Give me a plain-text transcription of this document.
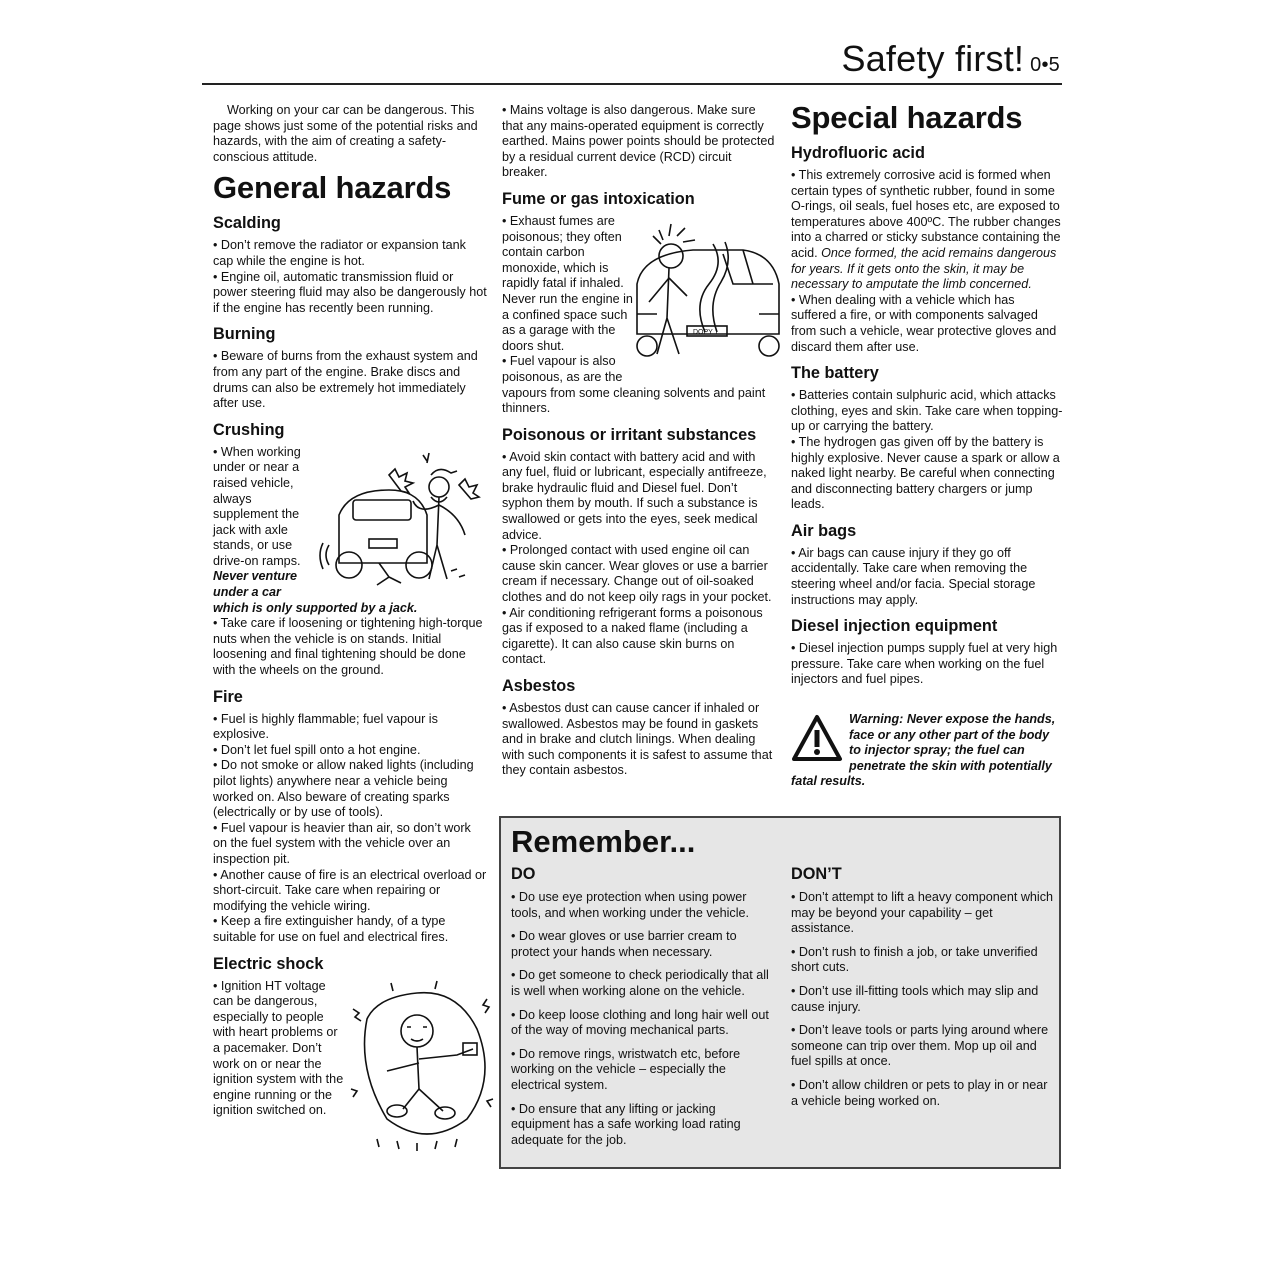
Safety first! 0•5

Working on your car can be dangerous. This page shows just some of the potential risks and hazards, with the aim of creating a safety-conscious attitude.

General hazards
Scalding

• Don’t remove the radiator or expansion tank cap while the engine is hot.

• Engine oil, automatic transmission fluid or power steering fluid may also be dangerously hot if the engine has recently been running.

Burning

• Beware of burns from the exhaust system and from any part of the engine. Brake discs and drums can also be extremely hot immediately after use.

Crushing

• When working under or near a raised vehicle, always supplement the jack with axle stands, or use drive-on ramps. Never venture under a car which is only supported by a jack.

• Take care if loosening or tightening high-torque nuts when the vehicle is on stands. Initial loosening and final tightening should be done with the wheels on the ground.

Fire

• Fuel is highly flammable; fuel vapour is explosive.

• Don’t let fuel spill onto a hot engine.

• Do not smoke or allow naked lights (including pilot lights) anywhere near a vehicle being worked on. Also beware of creating sparks (electrically or by use of tools).

• Fuel vapour is heavier than air, so don’t work on the fuel system with the vehicle over an inspection pit.

• Another cause of fire is an electrical overload or short-circuit. Take care when repairing or modifying the vehicle wiring.

• Keep a fire extinguisher handy, of a type suitable for use on fuel and electrical fires.

Electric shock

• Ignition HT voltage can be dangerous, especially to people with heart problems or a pacemaker. Don’t work on or near the ignition system with the engine running or the ignition switched on.

• Mains voltage is also dangerous. Make sure that any mains-operated equipment is correctly earthed. Mains power points should be protected by a residual current device (RCD) circuit breaker.

Fume or gas intoxication
DOPY 1

• Exhaust fumes are poisonous; they often contain carbon monoxide, which is rapidly fatal if inhaled. Never run the engine in a confined space such as a garage with the doors shut.

• Fuel vapour is also poisonous, as are the vapours from some cleaning solvents and paint thinners.

Poisonous or irritant substances

• Avoid skin contact with battery acid and with any fuel, fluid or lubricant, especially antifreeze, brake hydraulic fluid and Diesel fuel. Don’t syphon them by mouth. If such a substance is swallowed or gets into the eyes, seek medical advice.

• Prolonged contact with used engine oil can cause skin cancer. Wear gloves or use a barrier cream if necessary. Change out of oil-soaked clothes and do not keep oily rags in your pocket.

• Air conditioning refrigerant forms a poisonous gas if exposed to a naked flame (including a cigarette). It can also cause skin burns on contact.

Asbestos

• Asbestos dust can cause cancer if inhaled or swallowed. Asbestos may be found in gaskets and in brake and clutch linings. When dealing with such components it is safest to assume that they contain asbestos.

Special hazards
Hydrofluoric acid

• This extremely corrosive acid is formed when certain types of synthetic rubber, found in some O-rings, oil seals, fuel hoses etc, are exposed to temperatures above 400ºC. The rubber changes into a charred or sticky substance containing the acid. Once formed, the acid remains dangerous for years. If it gets onto the skin, it may be necessary to amputate the limb concerned.

• When dealing with a vehicle which has suffered a fire, or with components salvaged from such a vehicle, wear protective gloves and discard them after use.

The battery

• Batteries contain sulphuric acid, which attacks clothing, eyes and skin. Take care when topping-up or carrying the battery.

• The hydrogen gas given off by the battery is highly explosive. Never cause a spark or allow a naked light nearby. Be careful when connecting and disconnecting battery chargers or jump leads.

Air bags

• Air bags can cause injury if they go off accidentally. Take care when removing the steering wheel and/or facia. Special storage instructions may apply.

Diesel injection equipment

• Diesel injection pumps supply fuel at very high pressure. Take care when working on the fuel injectors and fuel pipes.

Warning: Never expose the hands, face or any other part of the body to injector spray; the fuel can penetrate the skin with potentially fatal results.
Remember...
DO

• Do use eye protection when using power tools, and when working under the vehicle.

• Do wear gloves or use barrier cream to protect your hands when necessary.

• Do get someone to check periodically that all is well when working alone on the vehicle.

• Do keep loose clothing and long hair well out of the way of moving mechanical parts.

• Do remove rings, wristwatch etc, before working on the vehicle – especially the electrical system.

• Do ensure that any lifting or jacking equipment has a safe working load rating adequate for the job.

DON’T

• Don’t attempt to lift a heavy component which may be beyond your capability – get assistance.

• Don’t rush to finish a job, or take unverified short cuts.

• Don’t use ill-fitting tools which may slip and cause injury.

• Don’t leave tools or parts lying around where someone can trip over them. Mop up oil and fuel spills at once.

• Don’t allow children or pets to play in or near a vehicle being worked on.
